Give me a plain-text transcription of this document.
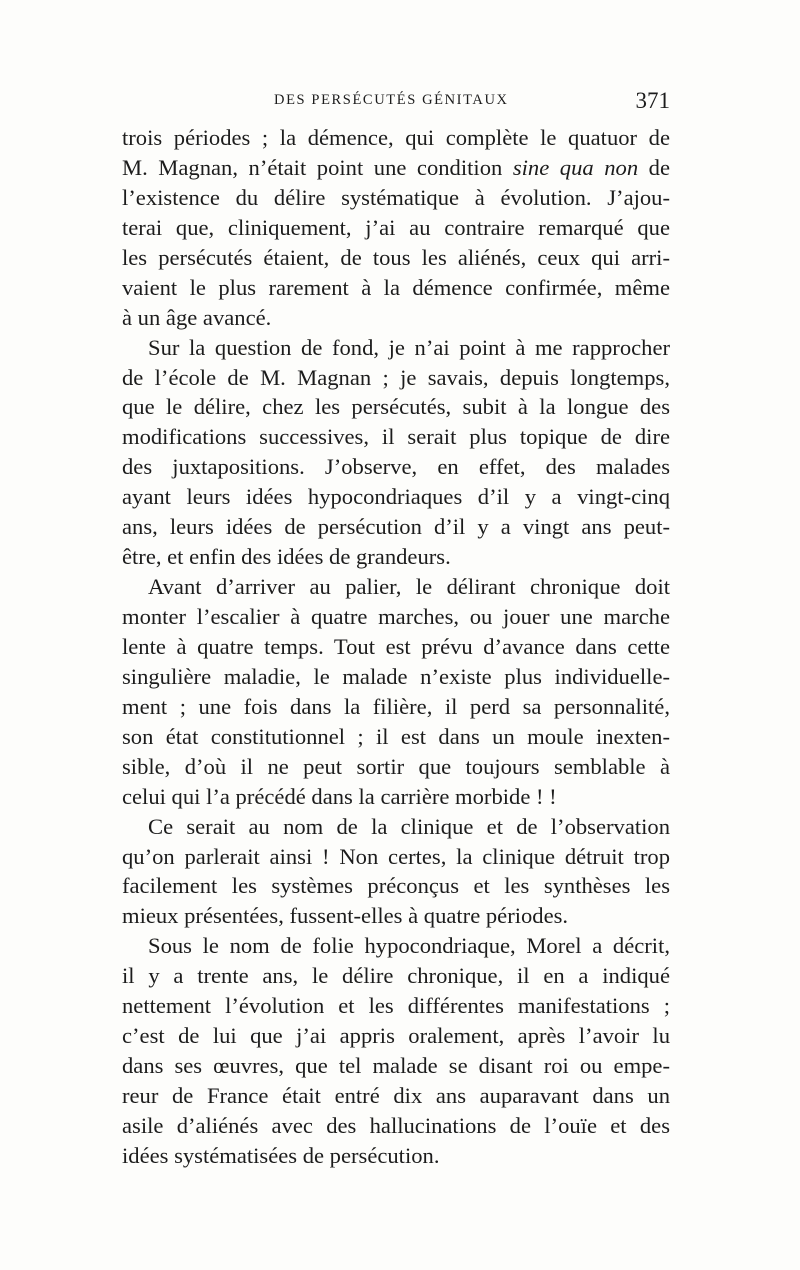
DES PERSÉCUTÉS GÉNITAUX	371
trois périodes ; la démence, qui complète le quatuor de
M. Magnan, n’était point une condition sine qua non de
l’existence du délire systématique à évolution. J’ajou-
terai que, cliniquement, j’ai au contraire remarqué que
les persécutés étaient, de tous les aliénés, ceux qui arri-
vaient le plus rarement à la démence confirmée, même
à un âge avancé.
Sur la question de fond, je n’ai point à me rapprocher
de l’école de M. Magnan ; je savais, depuis longtemps,
que le délire, chez les persécutés, subit à la longue des
modifications successives, il serait plus topique de dire
des juxtapositions. J’observe, en effet, des malades
ayant leurs idées hypocondriaques d’il y a vingt-cinq
ans, leurs idées de persécution d’il y a vingt ans peut-
être, et enfin des idées de grandeurs.
Avant d’arriver au palier, le délirant chronique doit
monter l’escalier à quatre marches, ou jouer une marche
lente à quatre temps. Tout est prévu d’avance dans cette
singulière maladie, le malade n’existe plus individuelle-
ment ; une fois dans la filière, il perd sa personnalité,
son état constitutionnel ; il est dans un moule inexten-
sible, d’où il ne peut sortir que toujours semblable à
celui qui l’a précédé dans la carrière morbide ! !
Ce serait au nom de la clinique et de l’observation
qu’on parlerait ainsi ! Non certes, la clinique détruit trop
facilement les systèmes préconçus et les synthèses les
mieux présentées, fussent-elles à quatre périodes.
Sous le nom de folie hypocondriaque, Morel a décrit,
il y a trente ans, le délire chronique, il en a indiqué
nettement l’évolution et les différentes manifestations ;
c’est de lui que j’ai appris oralement, après l’avoir lu
dans ses œuvres, que tel malade se disant roi ou empe-
reur de France était entré dix ans auparavant dans un
asile d’aliénés avec des hallucinations de l’ouïe et des
idées systématisées de persécution.
